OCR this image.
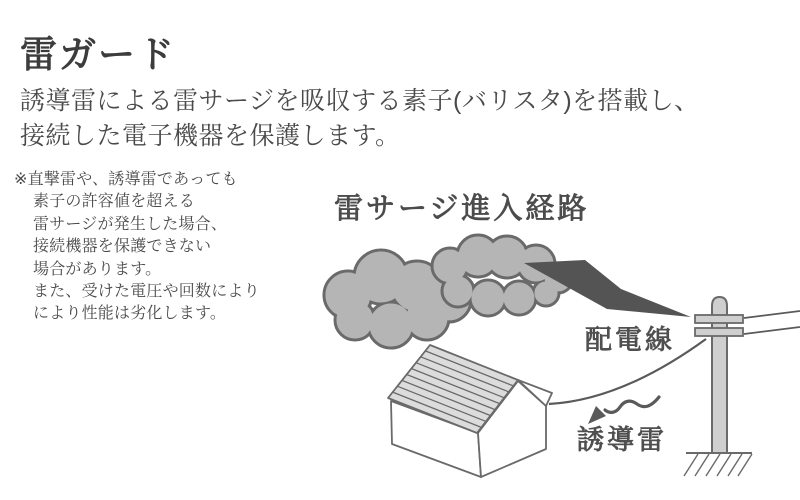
雷ガード
誘導雷による雷サージを吸収する素子(バリスタ)を搭載し、
接続した電子機器を保護します。
※直撃雷や、誘導雷であっても
素子の許容値を超える
雷サージが発生した場合、
接続機器を保護できない
場合があります。
また、受けた電圧や回数により
により性能は劣化します。
雷サージ進入経路
配電線
誘導雷
